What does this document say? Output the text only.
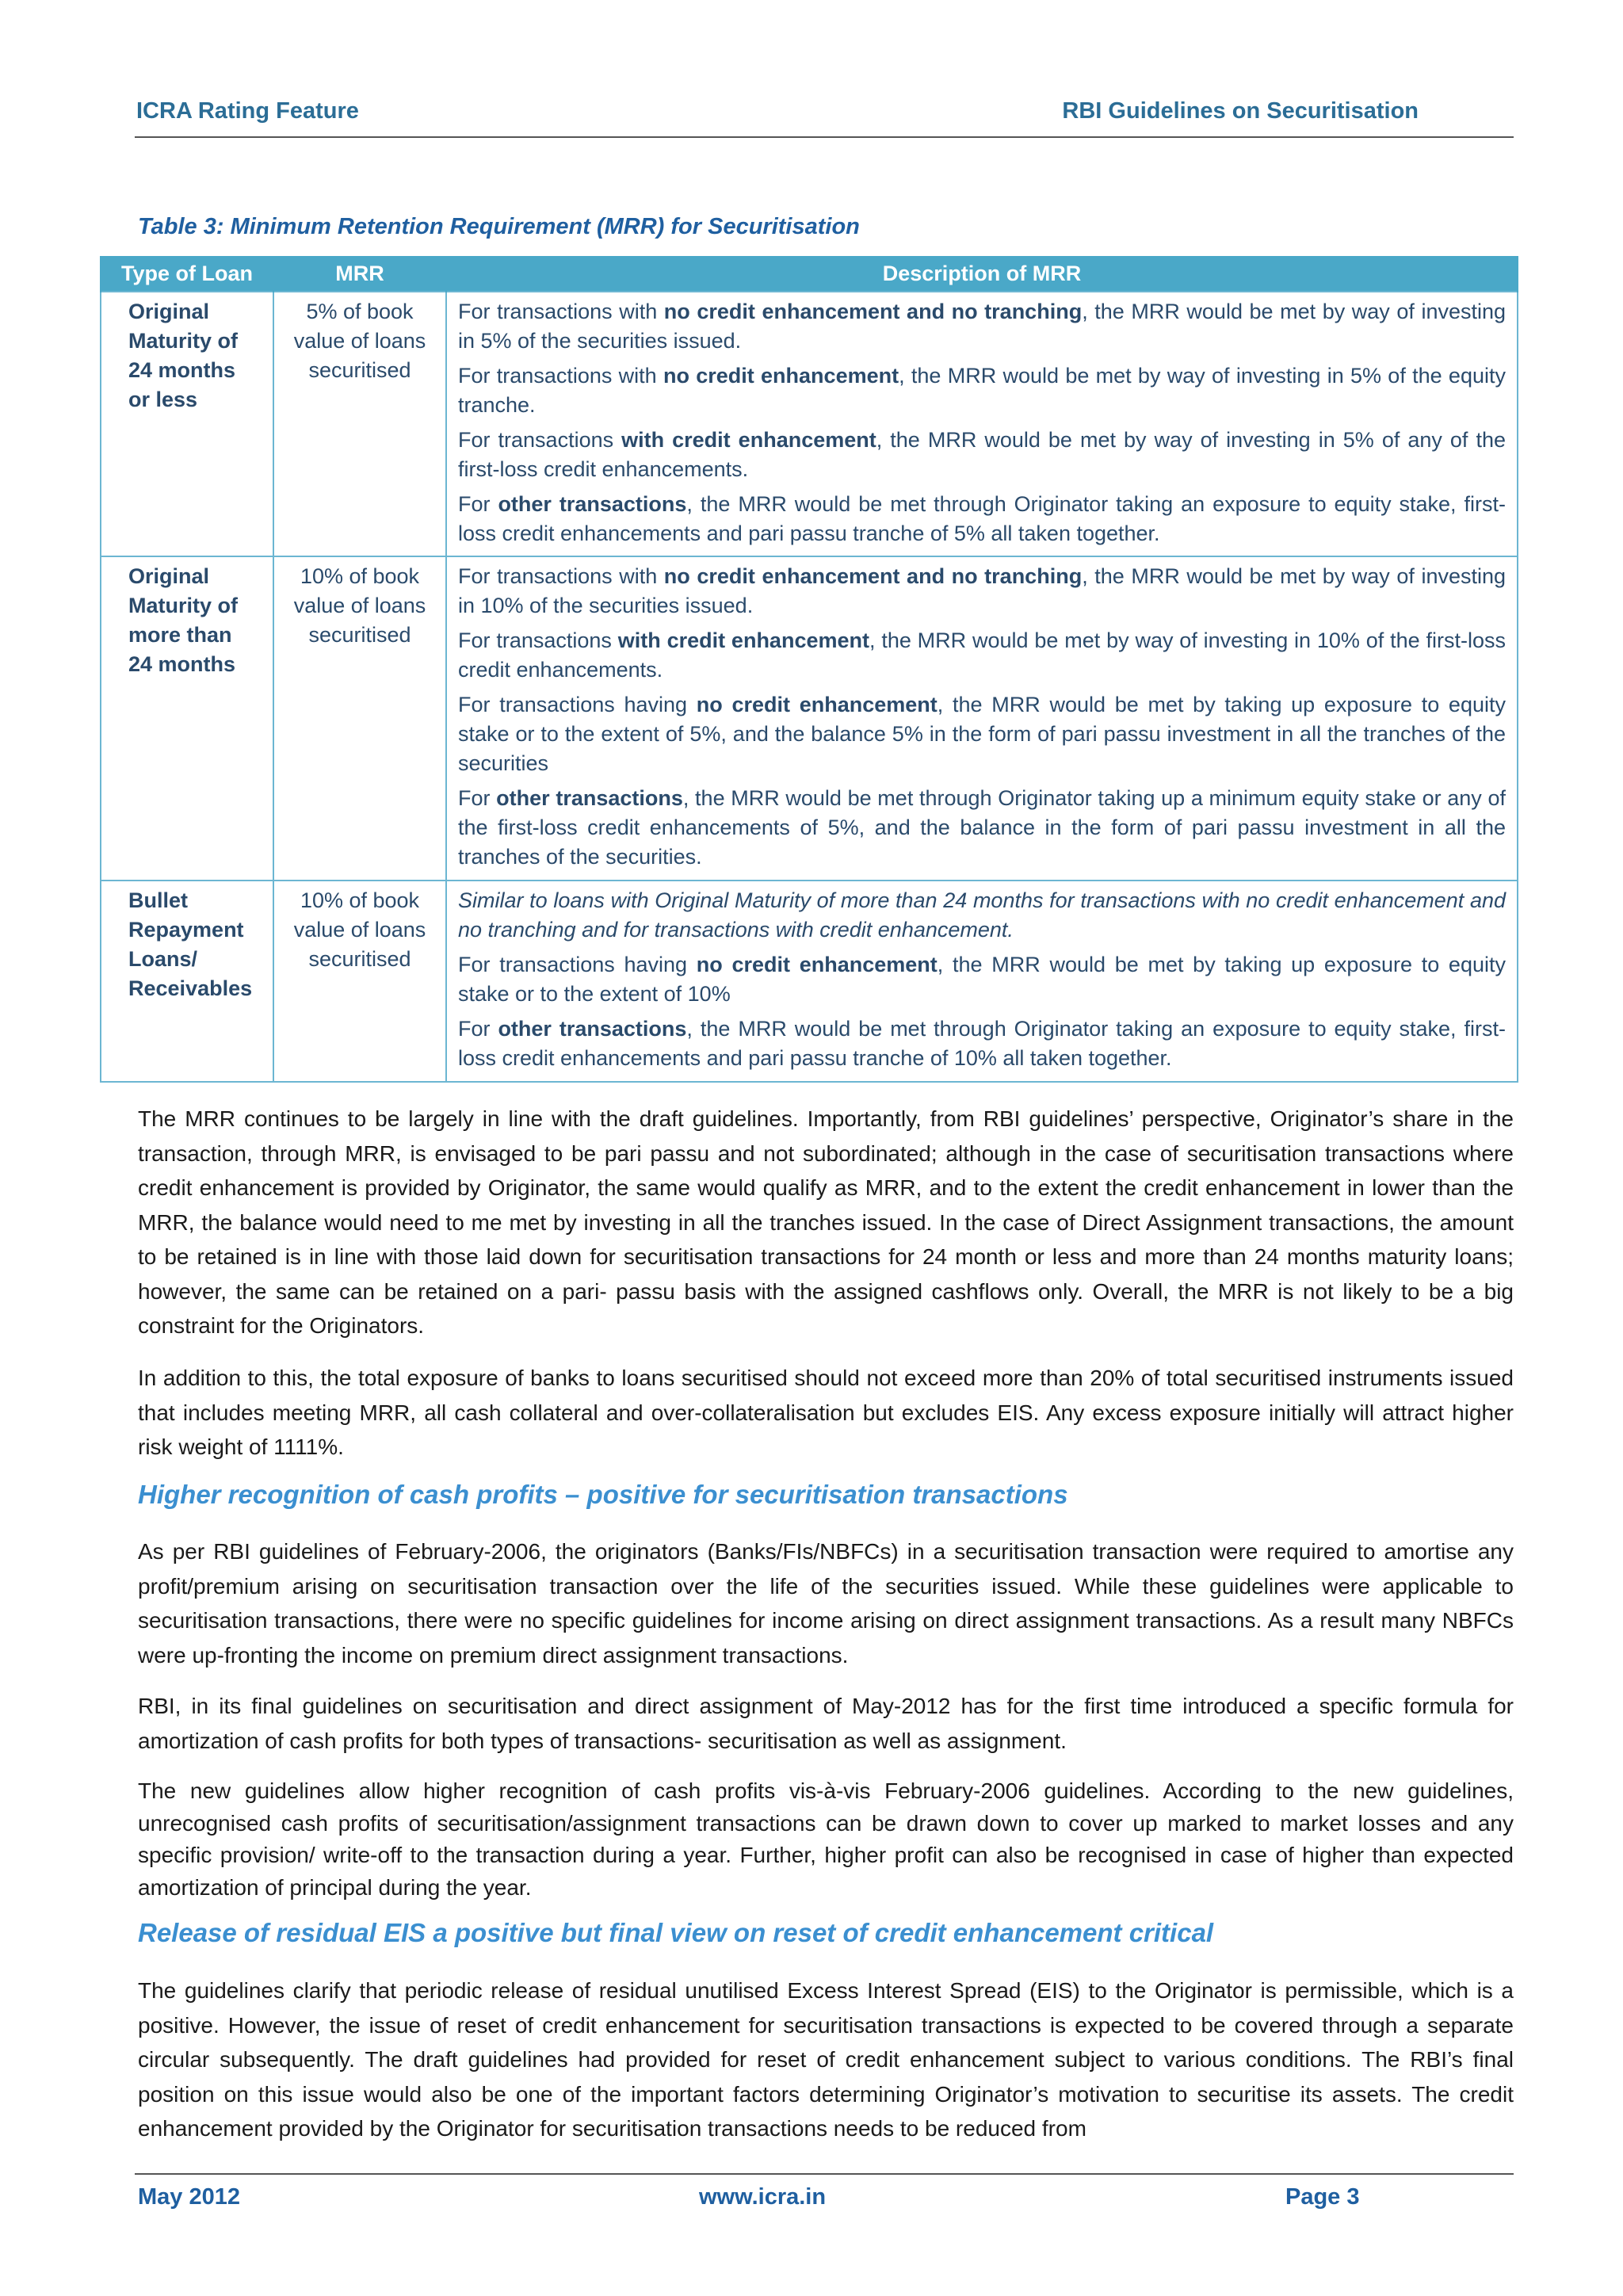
ICRA Rating Feature	RBI Guidelines on Securitisation
Table 3: Minimum Retention Requirement (MRR) for Securitisation
Type of Loan	MRR	Description of MRR
Original Maturity of 24 months or less	5% of book value of loans securitised	For transactions with no credit enhancement and no tranching, the MRR would be met by way of investing in 5% of the securities issued.

For transactions with no credit enhancement, the MRR would be met by way of investing in 5% of the equity tranche.

For transactions with credit enhancement, the MRR would be met by way of investing in 5% of any of the first-loss credit enhancements.

For other transactions, the MRR would be met through Originator taking an exposure to equity stake, first-loss credit enhancements and pari passu tranche of 5% all taken together.

Original Maturity of more than 24 months	10% of book value of loans securitised	For transactions with no credit enhancement and no tranching, the MRR would be met by way of investing in 10% of the securities issued.

For transactions with credit enhancement, the MRR would be met by way of investing in 10% of the first-loss credit enhancements.

For transactions having no credit enhancement, the MRR would be met by taking up exposure to equity stake or to the extent of 5%, and the balance 5% in the form of pari passu investment in all the tranches of the securities

For other transactions, the MRR would be met through Originator taking up a minimum equity stake or any of the first-loss credit enhancements of 5%, and the balance in the form of pari passu investment in all the tranches of the securities.

Bullet Repayment Loans/ Receivables	10% of book value of loans securitised	Similar to loans with Original Maturity of more than 24 months for transactions with no credit enhancement and no tranching and for transactions with credit enhancement.

For transactions having no credit enhancement, the MRR would be met by taking up exposure to equity stake or to the extent of 10%

For other transactions, the MRR would be met through Originator taking an exposure to equity stake, first-loss credit enhancements and pari passu tranche of 10% all taken together.

The MRR continues to be largely in line with the draft guidelines. Importantly, from RBI guidelines’ perspective, Originator’s share in the transaction, through MRR, is envisaged to be pari passu and not subordinated; although in the case of securitisation transactions where credit enhancement is provided by Originator, the same would qualify as MRR, and to the extent the credit enhancement in lower than the MRR, the balance would need to me met by investing in all the tranches issued. In the case of Direct Assignment transactions, the amount to be retained is in line with those laid down for securitisation transactions for 24 month or less and more than 24 months maturity loans; however, the same can be retained on a pari- passu basis with the assigned cashflows only. Overall, the MRR is not likely to be a big constraint for the Originators.

In addition to this, the total exposure of banks to loans securitised should not exceed more than 20% of total securitised instruments issued that includes meeting MRR, all cash collateral and over-collateralisation but excludes EIS. Any excess exposure initially will attract higher risk weight of 1111%.

Higher recognition of cash profits – positive for securitisation transactions

As per RBI guidelines of February-2006, the originators (Banks/FIs/NBFCs) in a securitisation transaction were required to amortise any profit/premium arising on securitisation transaction over the life of the securities issued. While these guidelines were applicable to securitisation transactions, there were no specific guidelines for income arising on direct assignment transactions. As a result many NBFCs were up-fronting the income on premium direct assignment transactions.

RBI, in its final guidelines on securitisation and direct assignment of May-2012 has for the first time introduced a specific formula for amortization of cash profits for both types of transactions- securitisation as well as assignment.

The new guidelines allow higher recognition of cash profits vis-à-vis February-2006 guidelines. According to the new guidelines, unrecognised cash profits of securitisation/assignment transactions can be drawn down to cover up marked to market losses and any specific provision/ write-off to the transaction during a year. Further, higher profit can also be recognised in case of higher than expected amortization of principal during the year.

Release of residual EIS a positive but final view on reset of credit enhancement critical

The guidelines clarify that periodic release of residual unutilised Excess Interest Spread (EIS) to the Originator is permissible, which is a positive. However, the issue of reset of credit enhancement for securitisation transactions is expected to be covered through a separate circular subsequently. The draft guidelines had provided for reset of credit enhancement subject to various conditions. The RBI’s final position on this issue would also be one of the important factors determining Originator’s motivation to securitise its assets. The credit enhancement provided by the Originator for securitisation transactions needs to be reduced from

May 2012	www.icra.in	Page 3
